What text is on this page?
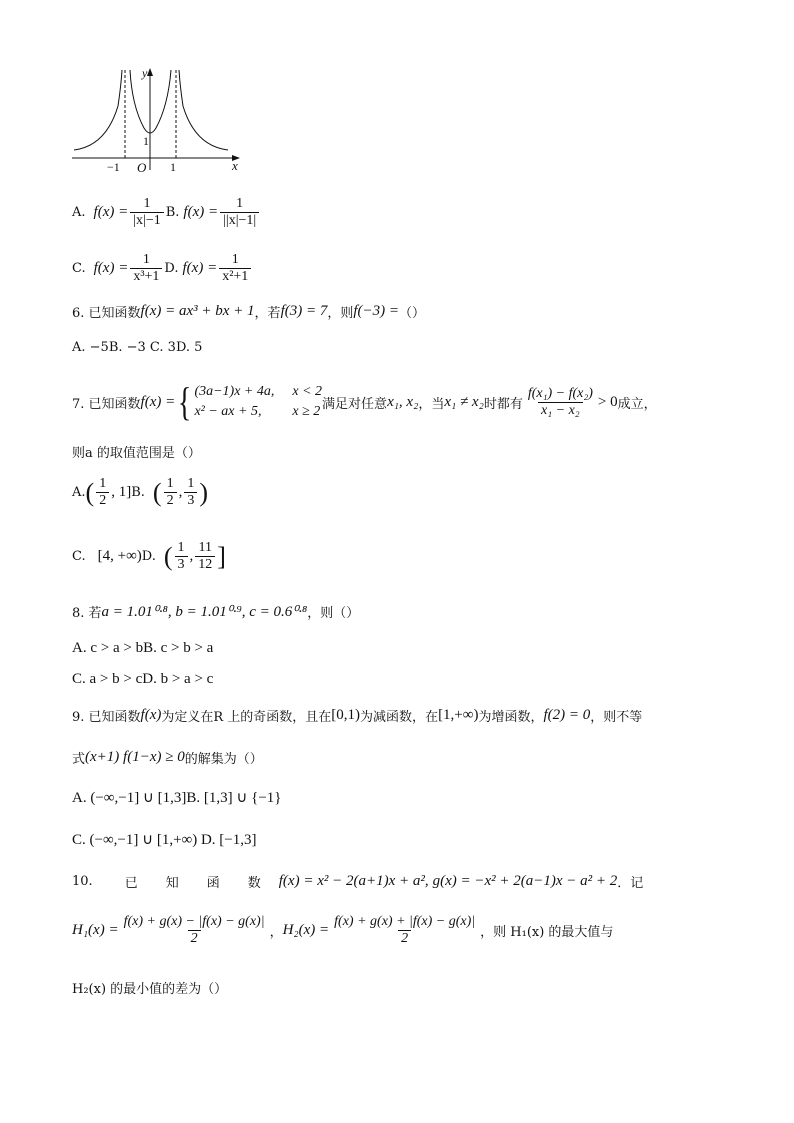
y
x
O
−1	1
1
A. $f(x) = \frac{1}{|x|-1} B$. $f(x) = \frac{1}{||x|-1|}$
C. $f(x) = \frac{1}{\text{x³+1}} D$. $f(x) = \frac{1}{\text{x²+1}}$
6. 已知函数 f(x) = ax³ + bx + 1 ，若 f(3) = 7 ，则 f(−3) = （）
A. −5B. −3 C. 3D. 5
7. 已知函数 f(x) = { (3a−1)x + 4a, x < 2
x² − ax + 5,	x ≥ 2 满足对任意 x₁, x₂ ，当 x₁ ≠ x₂ 时都有 $\frac{\text{f(x₁) − f(x₂)}}{\text{x₁ − x₂}} > 0$ 成立，
则a 的取值范围是（）
A. ( $\frac{1}{2}$ , 1] B. ( $\frac{1}{2}$ , $\frac{1}{3}$ )
C. [4, +∞) D. ( $\frac{1}{3}$ , $\frac{11}{12}$ ]
8. 若 a = 1.01⁰·⁸, b = 1.01⁰·⁹, c = 0.6⁰·⁸ ，则（）
A. c > a > bB. c > b > a
C. a > b > cD. b > a > c
9. 已知函数 f(x) 为定义在R 上的奇函数，且在 [0,1) 为减函数，在 [1,+∞) 为增函数， f(2) = 0 ，则不等
式 (x+1) f(1−x) ≥ 0 的解集为（）
A. (−∞,−1] ∪ [1,3]B. [1,3] ∪ {−1}
C. (−∞,−1] ∪ [1,+∞) D. [−1,3]
10. 已 知 函 数 f(x) = x² − 2(a+1)x + a², g(x) = −x² + 2(a−1)x − a² + 2 ．记
$H_1(x) = \frac{f(x) + g(x) - |f(x) - g(x)|}{2}$ ， $H_2(x) = \frac{f(x) + g(x) + |f(x) - g(x)|}{2}$ ，则 H₁(x) 的最大值与
H₂(x) 的最小值的差为（）
